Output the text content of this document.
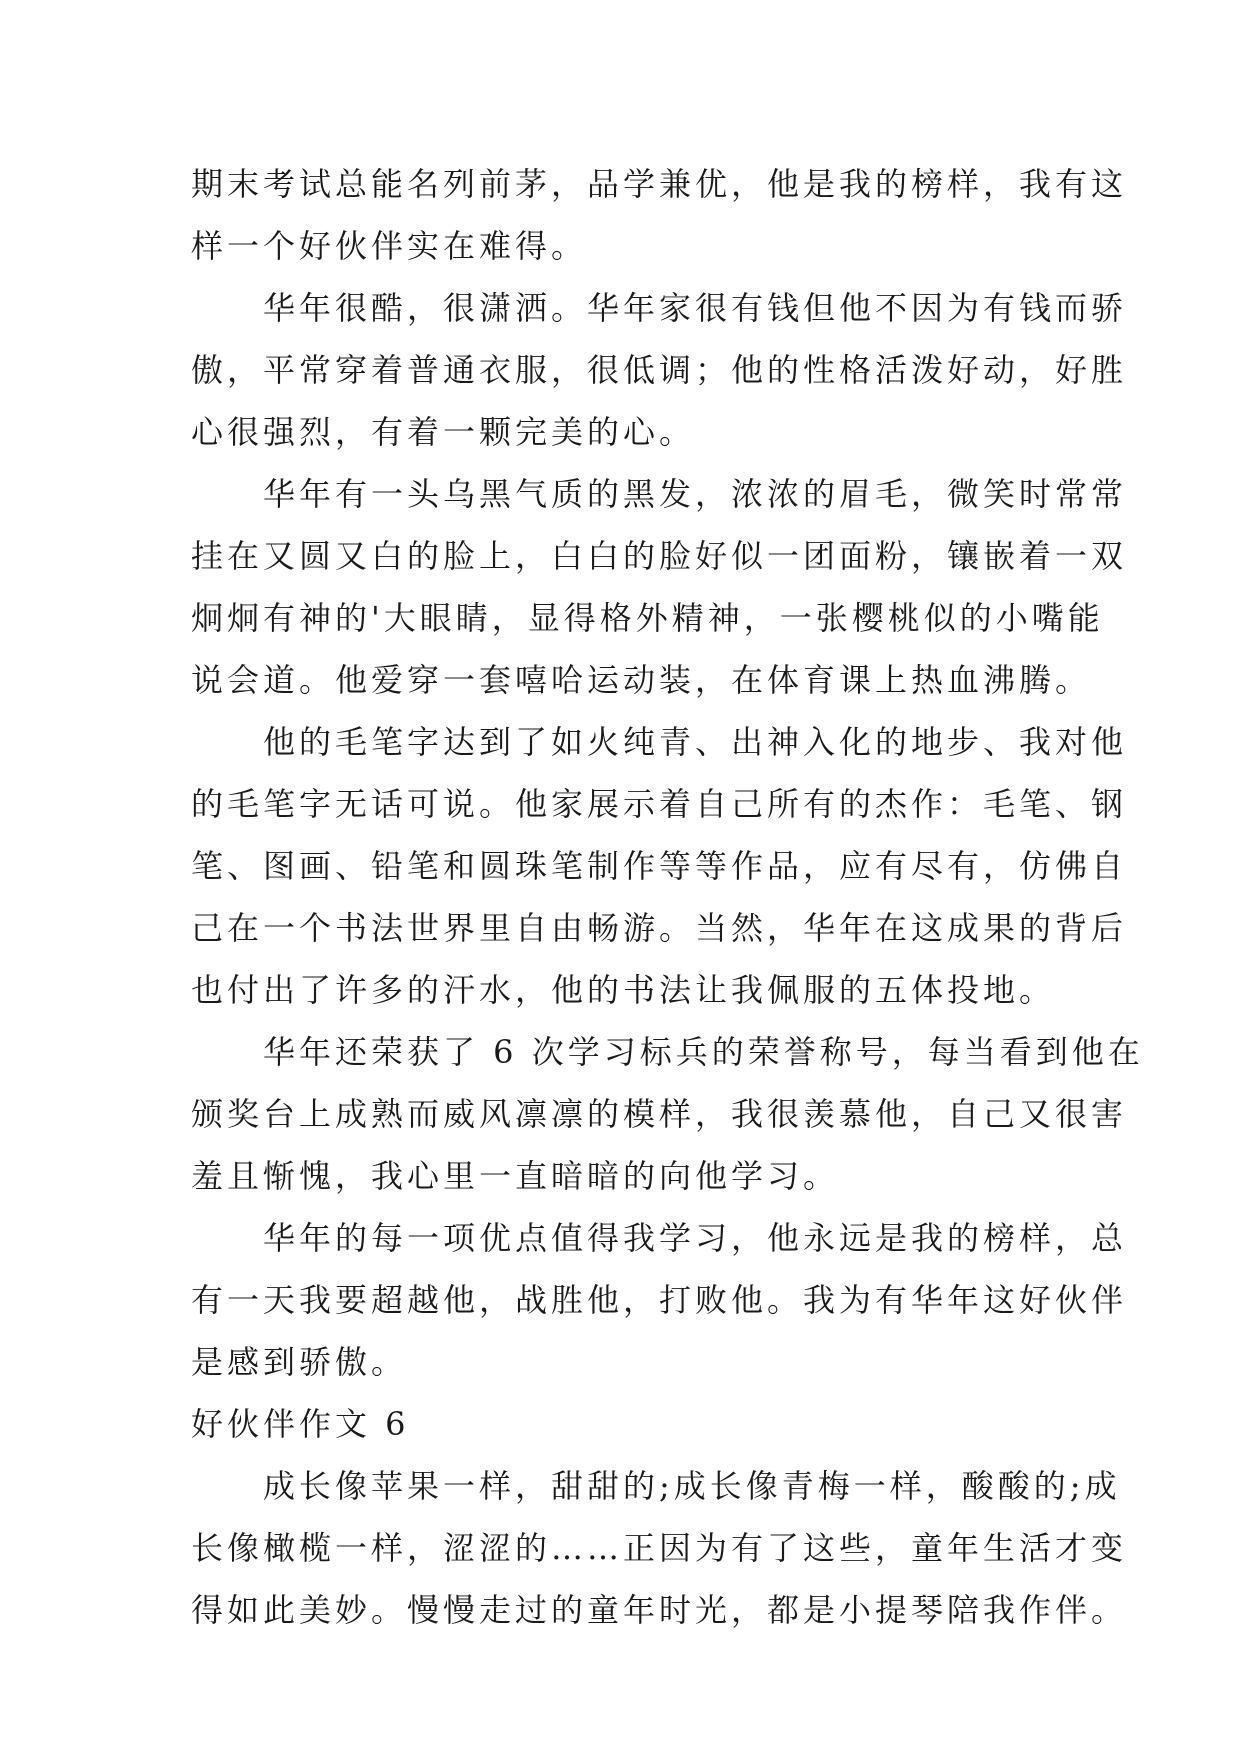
期末考试总能名列前茅，品学兼优，他是我的榜样，我有这
样一个好伙伴实在难得。
华年很酷，很潇洒。华年家很有钱但他不因为有钱而骄
傲，平常穿着普通衣服，很低调；他的性格活泼好动，好胜
心很强烈，有着一颗完美的心。
华年有一头乌黑气质的黑发，浓浓的眉毛，微笑时常常
挂在又圆又白的脸上，白白的脸好似一团面粉，镶嵌着一双
炯炯有神的'大眼睛，显得格外精神，一张樱桃似的小嘴能
说会道。他爱穿一套嘻哈运动装，在体育课上热血沸腾。
他的毛笔字达到了如火纯青、出神入化的地步、我对他
的毛笔字无话可说。他家展示着自己所有的杰作：毛笔、钢
笔、图画、铅笔和圆珠笔制作等等作品，应有尽有，仿佛自
己在一个书法世界里自由畅游。当然，华年在这成果的背后
也付出了许多的汗水，他的书法让我佩服的五体投地。
华年还荣获了 6 次学习标兵的荣誉称号，每当看到他在
颁奖台上成熟而威风凛凛的模样，我很羡慕他，自己又很害
羞且惭愧，我心里一直暗暗的向他学习。
华年的每一项优点值得我学习，他永远是我的榜样，总
有一天我要超越他，战胜他，打败他。我为有华年这好伙伴
是感到骄傲。
好伙伴作文 6
成长像苹果一样，甜甜的;成长像青梅一样，酸酸的;成
长像橄榄一样，涩涩的……正因为有了这些，童年生活才变
得如此美妙。慢慢走过的童年时光，都是小提琴陪我作伴。
